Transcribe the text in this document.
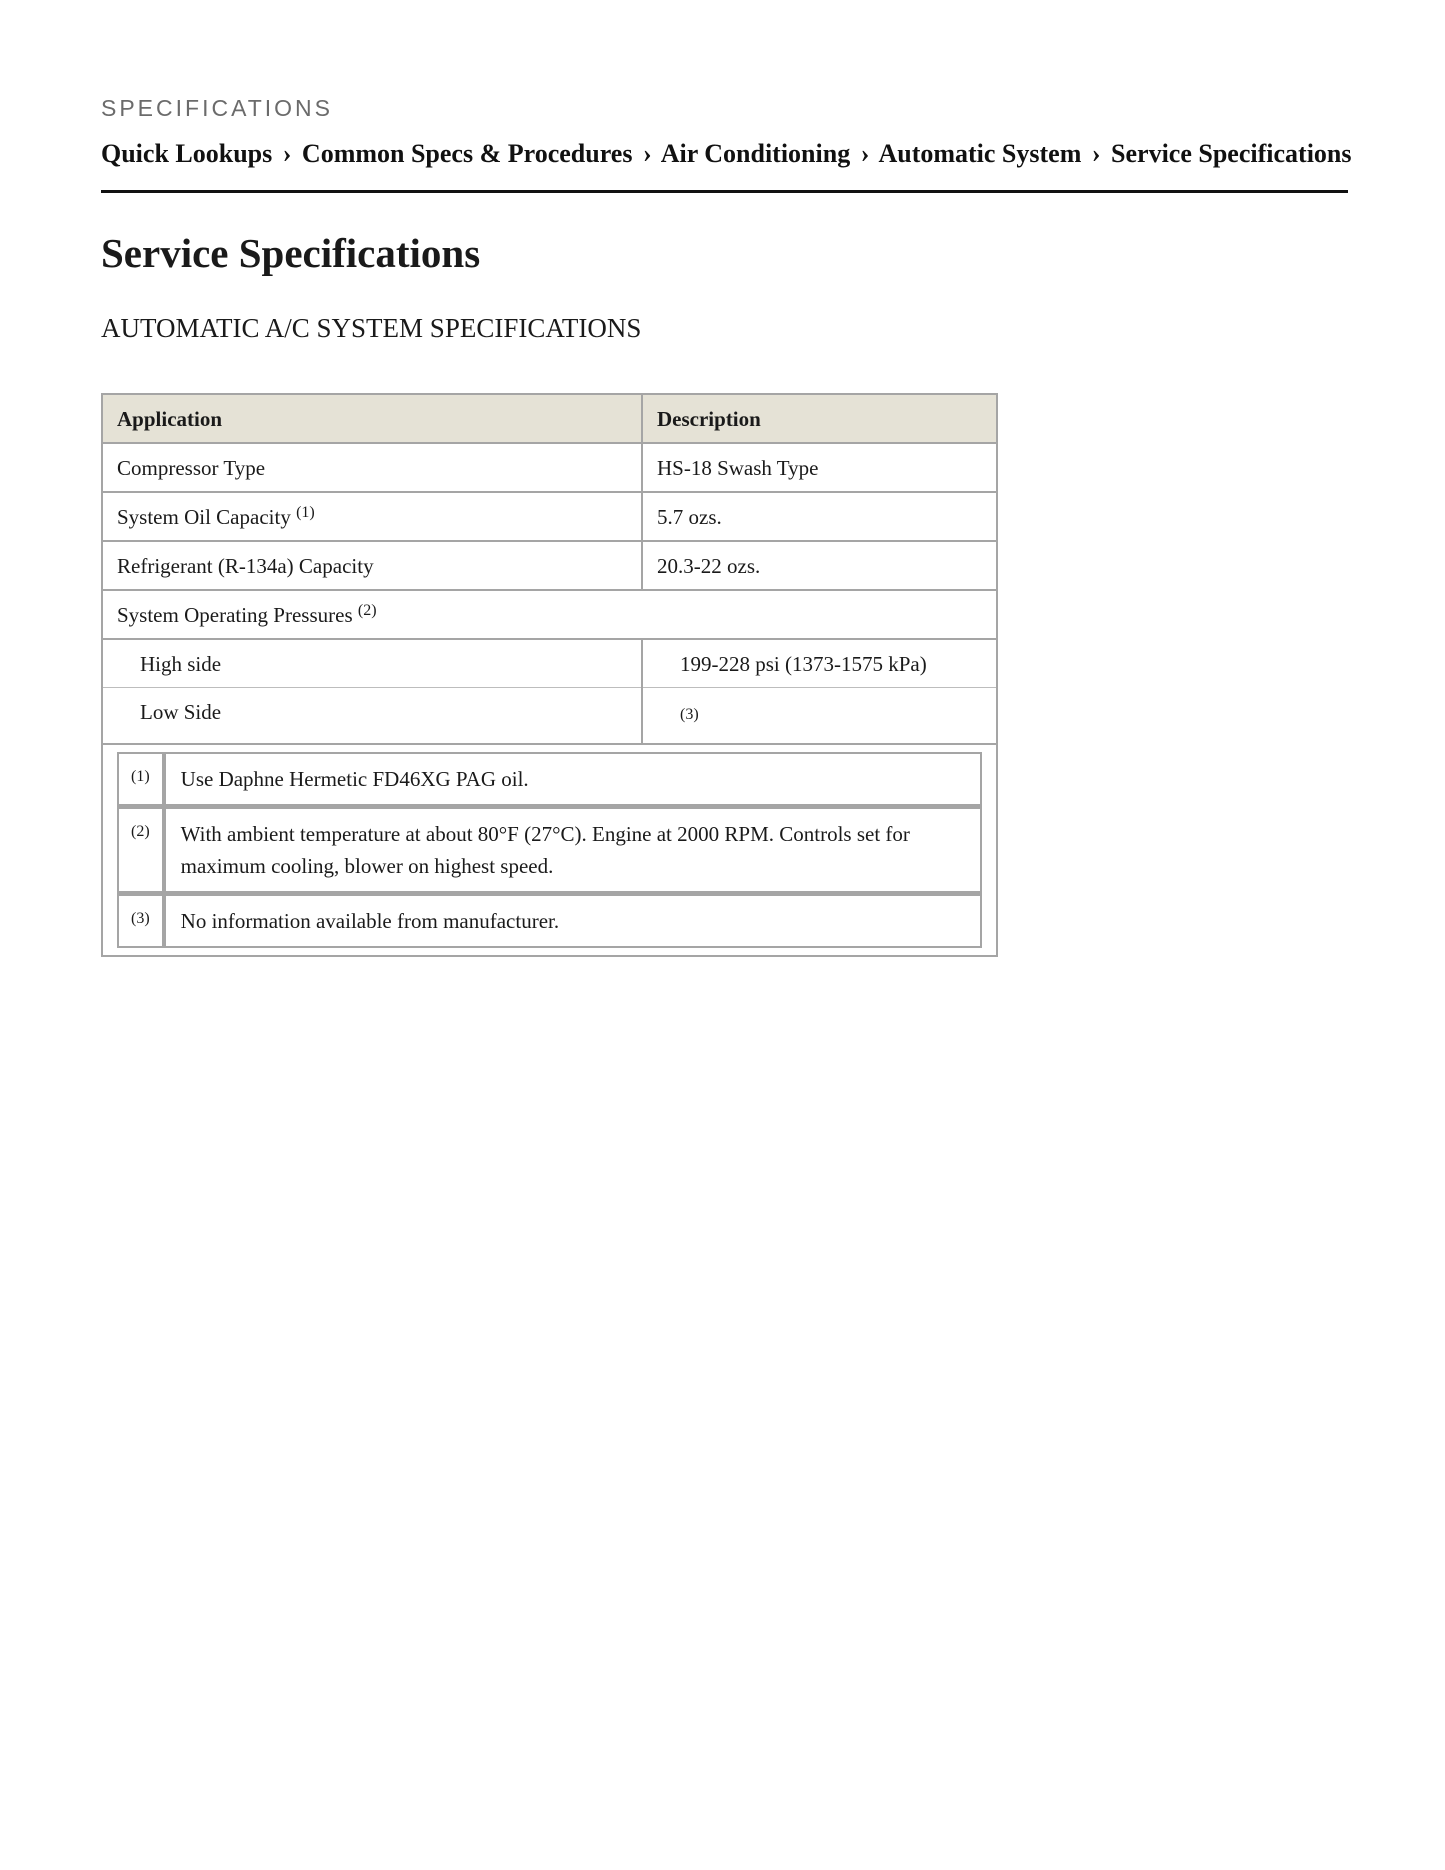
SPECIFICATIONS
Quick Lookups › Common Specs & Procedures › Air Conditioning › Automatic System › Service Specifications
Service Specifications
AUTOMATIC A/C SYSTEM SPECIFICATIONS
Application	Description
Compressor Type	HS-18 Swash Type
System Oil Capacity $^{(1)}$	5.7 ozs.
Refrigerant (R-134a) Capacity	20.3-22 ozs.
System Operating Pressures $^{(2)}$
High side	199-228 psi (1373-1575 kPa)
Low Side	(3)

(1)	Use Daphne Hermetic FD46XG PAG oil.
(2)	With ambient temperature at about 80°F (27°C). Engine at 2000 RPM. Controls set for maximum cooling, blower on highest speed.
(3)	No information available from manufacturer.
